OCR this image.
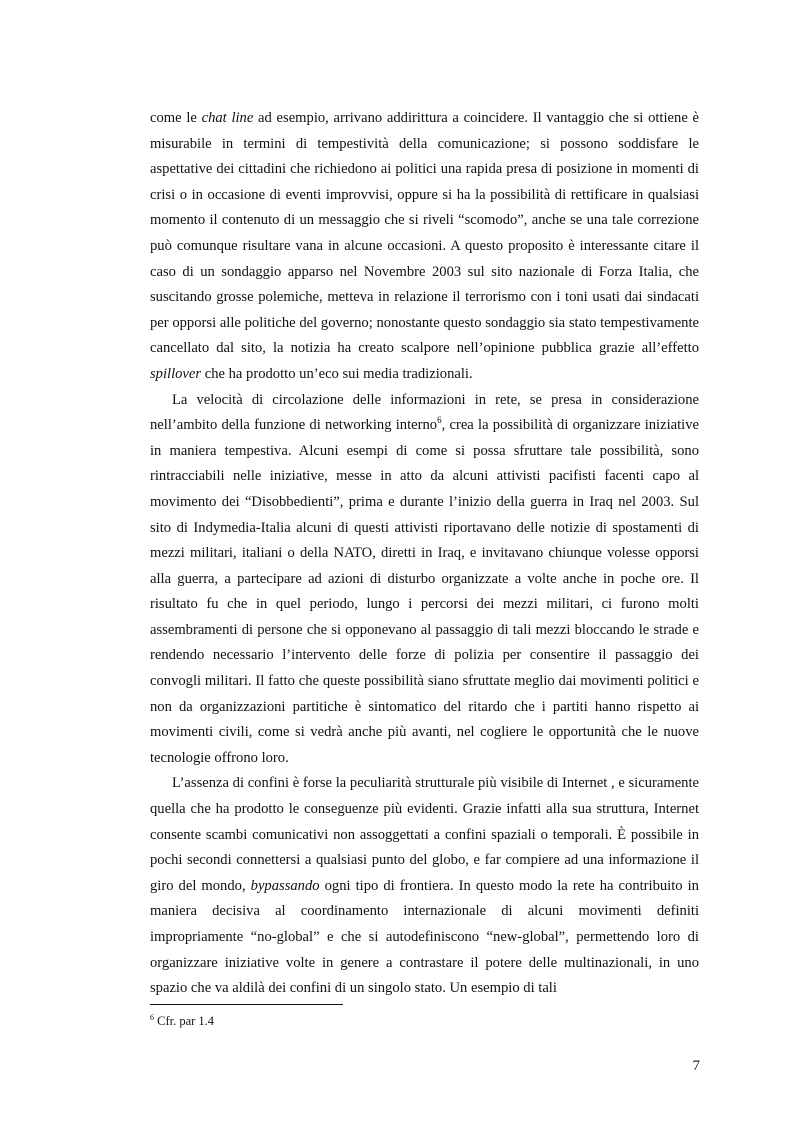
come le chat line ad esempio, arrivano addirittura a coincidere. Il vantaggio che si ottiene è misurabile in termini di tempestività della comunicazione; si possono soddisfare le aspettative dei cittadini che richiedono ai politici una rapida presa di posizione in momenti di crisi o in occasione di eventi improvvisi, oppure si ha la possibilità di rettificare in qualsiasi momento il contenuto di un messaggio che si riveli “scomodo”, anche se una tale correzione può comunque risultare vana in alcune occasioni. A questo proposito è interessante citare il caso di un sondaggio apparso nel Novembre 2003 sul sito nazionale di Forza Italia, che suscitando grosse polemiche, metteva in relazione il terrorismo con i toni usati dai sindacati per opporsi alle politiche del governo; nonostante questo sondaggio sia stato tempestivamente cancellato dal sito, la notizia ha creato scalpore nell’opinione pubblica grazie all’effetto spillover che ha prodotto un’eco sui media tradizionali.

La velocità di circolazione delle informazioni in rete, se presa in considerazione nell’ambito della funzione di networking interno$^6$, crea la possibilità di organizzare iniziative in maniera tempestiva. Alcuni esempi di come si possa sfruttare tale possibilità, sono rintracciabili nelle iniziative, messe in atto da alcuni attivisti pacifisti facenti capo al movimento dei “Disobbedienti”, prima e durante l’inizio della guerra in Iraq nel 2003. Sul sito di Indymedia-Italia alcuni di questi attivisti riportavano delle notizie di spostamenti di mezzi militari, italiani o della NATO, diretti in Iraq, e invitavano chiunque volesse opporsi alla guerra, a partecipare ad azioni di disturbo organizzate a volte anche in poche ore. Il risultato fu che in quel periodo, lungo i percorsi dei mezzi militari, ci furono molti assembramenti di persone che si opponevano al passaggio di tali mezzi bloccando le strade e rendendo necessario l’intervento delle forze di polizia per consentire il passaggio dei convogli militari. Il fatto che queste possibilità siano sfruttate meglio dai movimenti politici e non da organizzazioni partitiche è sintomatico del ritardo che i partiti hanno rispetto ai movimenti civili, come si vedrà anche più avanti, nel cogliere le opportunità che le nuove tecnologie offrono loro.

L’assenza di confini è forse la peculiarità strutturale più visibile di Internet , e sicuramente quella che ha prodotto le conseguenze più evidenti. Grazie infatti alla sua struttura, Internet consente scambi comunicativi non assoggettati a confini spaziali o temporali. È possibile in pochi secondi connettersi a qualsiasi punto del globo, e far compiere ad una informazione il giro del mondo, bypassando ogni tipo di frontiera. In questo modo la rete ha contribuito in maniera decisiva al coordinamento internazionale di alcuni movimenti definiti impropriamente “no-global” e che si autodefiniscono “new-global”, permettendo loro di organizzare iniziative volte in genere a contrastare il potere delle multinazionali, in uno spazio che va aldilà dei confini di un singolo stato. Un esempio di tali

$^6$ Cfr. par 1.4
7
